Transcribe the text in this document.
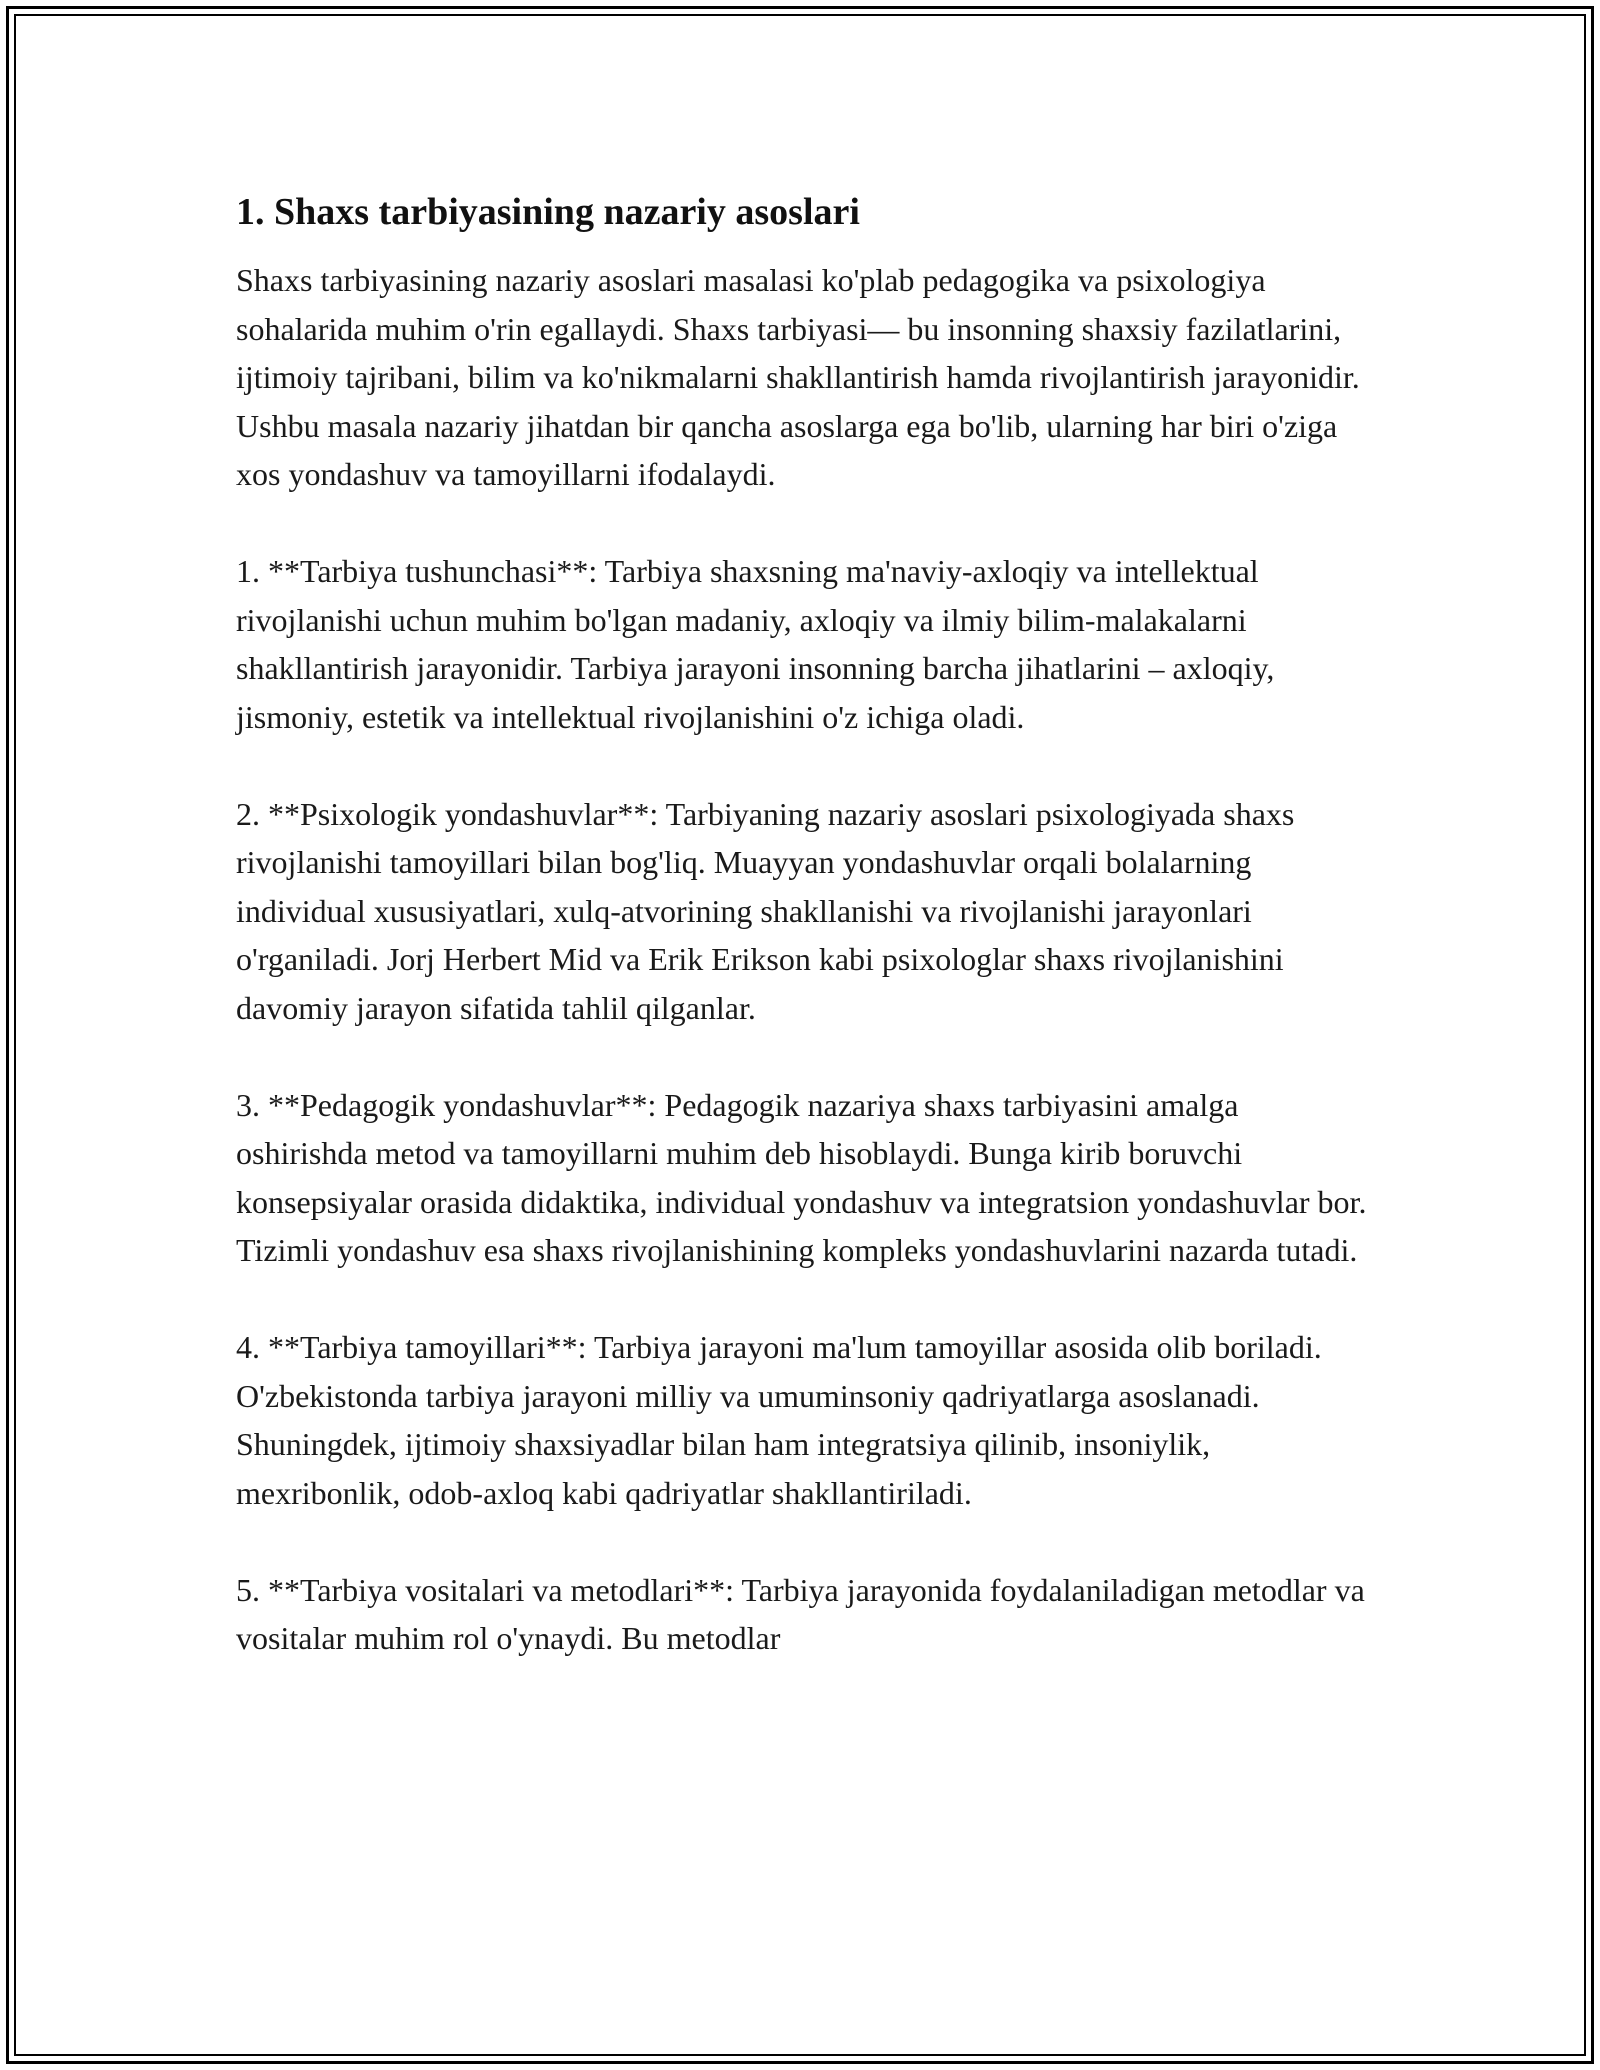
1. Shaxs tarbiyasining nazariy asoslari

Shaxs tarbiyasining nazariy asoslari masalasi ko'plab pedagogika va psixologiya sohalarida muhim o'rin egallaydi. Shaxs tarbiyasi— bu insonning shaxsiy fazilatlarini, ijtimoiy tajribani, bilim va ko'nikmalarni shakllantirish hamda rivojlantirish jarayonidir. Ushbu masala nazariy jihatdan bir qancha asoslarga ega bo'lib, ularning har biri o'ziga xos yondashuv va tamoyillarni ifodalaydi.

1. **Tarbiya tushunchasi**: Tarbiya shaxsning ma'naviy-axloqiy va intellektual rivojlanishi uchun muhim bo'lgan madaniy, axloqiy va ilmiy bilim-malakalarni shakllantirish jarayonidir. Tarbiya jarayoni insonning barcha jihatlarini – axloqiy, jismoniy, estetik va intellektual rivojlanishini o'z ichiga oladi.

2. **Psixologik yondashuvlar**: Tarbiyaning nazariy asoslari psixologiyada shaxs rivojlanishi tamoyillari bilan bog'liq. Muayyan yondashuvlar orqali bolalarning individual xususiyatlari, xulq-atvorining shakllanishi va rivojlanishi jarayonlari o'rganiladi. Jorj Herbert Mid va Erik Erikson kabi psixologlar shaxs rivojlanishini davomiy jarayon sifatida tahlil qilganlar.

3. **Pedagogik yondashuvlar**: Pedagogik nazariya shaxs tarbiyasini amalga oshirishda metod va tamoyillarni muhim deb hisoblaydi. Bunga kirib boruvchi konsepsiyalar orasida didaktika, individual yondashuv va integratsion yondashuvlar bor. Tizimli yondashuv esa shaxs rivojlanishining kompleks yondashuvlarini nazarda tutadi.

4. **Tarbiya tamoyillari**: Tarbiya jarayoni ma'lum tamoyillar asosida olib boriladi. O'zbekistonda tarbiya jarayoni milliy va umuminsoniy qadriyatlarga asoslanadi. Shuningdek, ijtimoiy shaxsiyadlar bilan ham integratsiya qilinib, insoniylik, mexribonlik, odob-axloq kabi qadriyatlar shakllantiriladi.

5. **Tarbiya vositalari va metodlari**: Tarbiya jarayonida foydalaniladigan metodlar va vositalar muhim rol o'ynaydi. Bu metodlar
